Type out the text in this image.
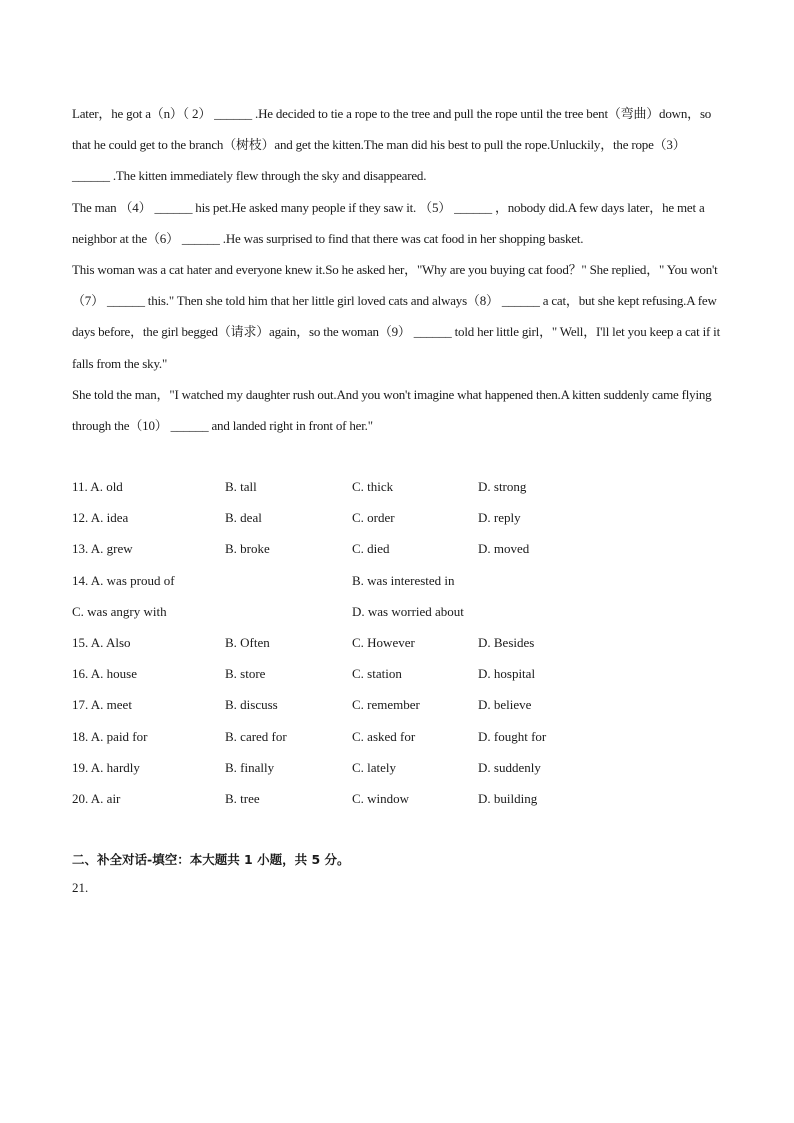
Later，he got a（n）（ 2） ______ .He decided to tie a rope to the tree and pull the rope until the tree bent（弯曲）down，so that he could get to the branch（树枝）and get the kitten.The man did his best to pull the rope.Unluckily，the rope（3） ______ .The kitten immediately flew through the sky and disappeared.

The man （4） ______ his pet.He asked many people if they saw it. （5） ______ ，nobody did.A few days later，he met a neighbor at the（6） ______ .He was surprised to find that there was cat food in her shopping basket.

This woman was a cat hater and everyone knew it.So he asked her，"Why are you buying cat food？" She replied，" You won't（7） ______ this." Then she told him that her little girl loved cats and always（8） ______ a cat，but she kept refusing.A few days before，the girl begged（请求）again，so the woman（9） ______ told her little girl，" Well，I'll let you keep a cat if it falls from the sky."

She told the man，"I watched my daughter rush out.And you won't imagine what happened then.A kitten suddenly came flying through the（10） ______ and landed right in front of her."

11. A. old	B. tall	C. thick	D. strong
12. A. idea	B. deal	C. order	D. reply
13. A. grew	B. broke	C. died	D. moved
14. A. was proud of	B. was interested in
C. was angry with	D. was worried about
15. A. Also	B. Often	C. However	D. Besides
16. A. house	B. store	C. station	D. hospital
17. A. meet	B. discuss	C. remember	D. believe
18. A. paid for	B. cared for	C. asked for	D. fought for
19. A. hardly	B. finally	C. lately	D. suddenly
20. A. air	B. tree	C. window	D. building
二、补全对话-填空：本大题共 1 小题，共 5 分。
21.
